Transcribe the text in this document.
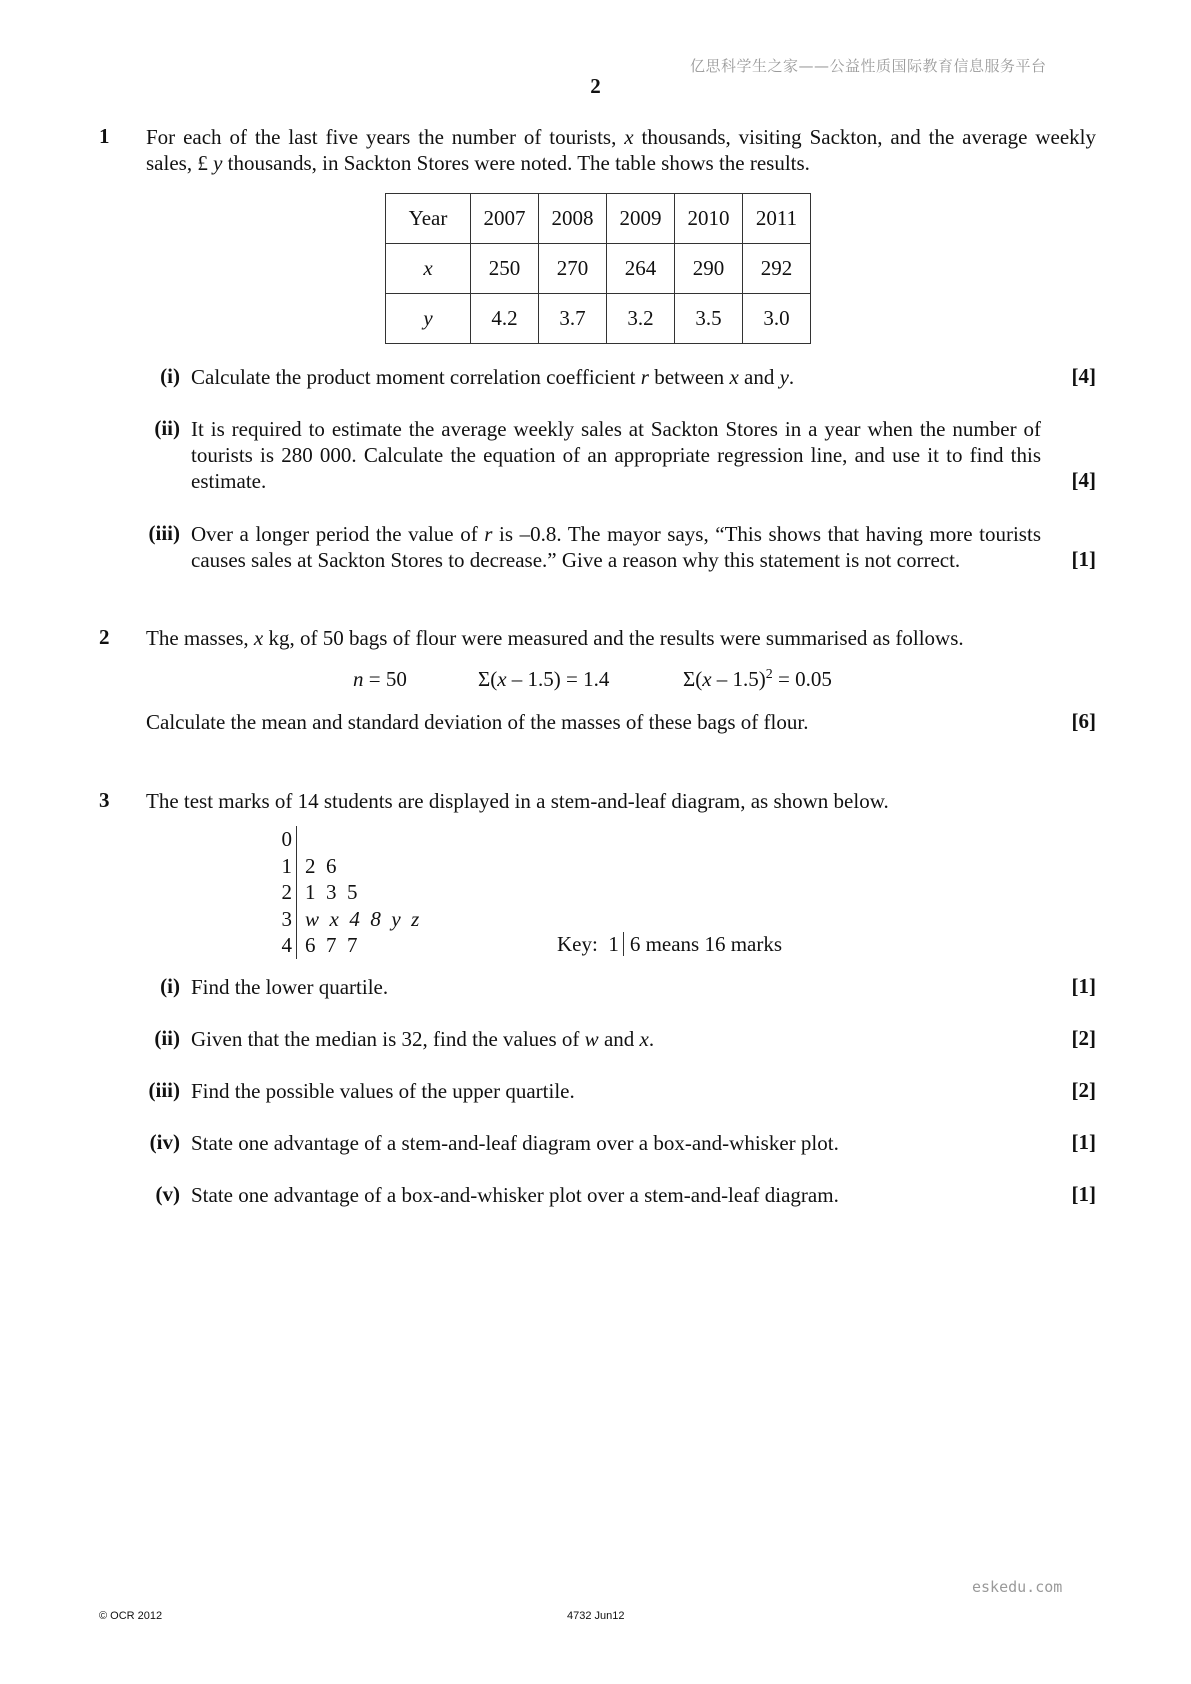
亿思科学生之家——公益性质国际教育信息服务平台
2
1 For each of the last five years the number of tourists, x thousands, visiting Sackton, and the average weekly sales, £ y thousands, in Sackton Stores were noted. The table shows the results.
Year	2007	2008	2009	2010	2011
x	250	270	264	290	292
y	4.2	3.7	3.2	3.5	3.0
(i) Calculate the product moment correlation coefficient r between x and y.	[4]
(ii) It is required to estimate the average weekly sales at Sackton Stores in a year when the number of tourists is 280 000. Calculate the equation of an appropriate regression line, and use it to find this estimate.	[4]
(iii) Over a longer period the value of r is –0.8. The mayor says, “This shows that having more tourists causes sales at Sackton Stores to decrease.” Give a reason why this statement is not correct.	[1]
2 The masses, x kg, of 50 bags of flour were measured and the results were summarised as follows.
n = 50	Σ(x – 1.5) = 1.4	Σ(x – 1.5)$^2$ = 0.05
Calculate the mean and standard deviation of the masses of these bags of flour.	[6]
3 The test marks of 14 students are displayed in a stem-and-leaf diagram, as shown below.
0
1 2  6
2 1  3  5
3 w  x  4  8  y  z
4 6  7  7	Key: 1 6 means 16 marks
(i) Find the lower quartile.	[1]
(ii) Given that the median is 32, find the values of w and x.	[2]
(iii) Find the possible values of the upper quartile.	[2]
(iv) State one advantage of a stem-and-leaf diagram over a box-and-whisker plot.	[1]
(v) State one advantage of a box-and-whisker plot over a stem-and-leaf diagram.	[1]
eskedu.com
© OCR 2012	4732 Jun12
